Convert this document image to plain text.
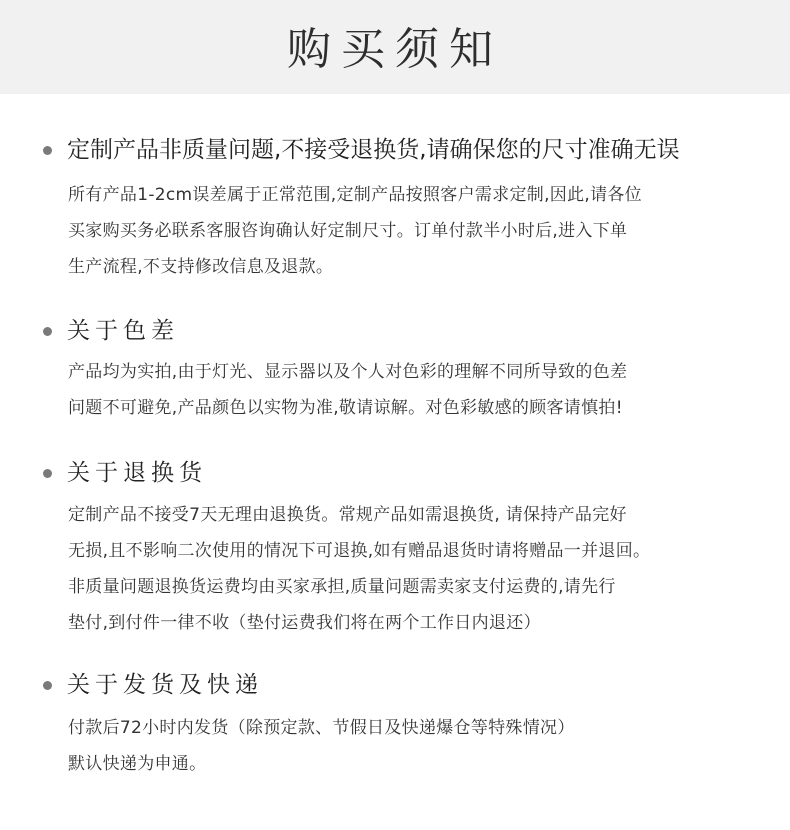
购买须知
定制产品非质量问题,不接受退换货,请确保您的尺寸准确无误

所有产品1-2cm误差属于正常范围,定制产品按照客户需求定制,因此,请各位

买家购买务必联系客服咨询确认好定制尺寸。订单付款半小时后,进入下单

生产流程,不支持修改信息及退款。

关于色差

产品均为实拍,由于灯光、显示器以及个人对色彩的理解不同所导致的色差

问题不可避免,产品颜色以实物为准,敬请谅解。对色彩敏感的顾客请慎拍!

关于退换货

定制产品不接受7天无理由退换货。常规产品如需退换货, 请保持产品完好

无损,且不影响二次使用的情况下可退换,如有赠品退货时请将赠品一并退回。

非质量问题退换货运费均由买家承担,质量问题需卖家支付运费的,请先行

垫付,到付件一律不收（垫付运费我们将在两个工作日内退还）

关于发货及快递

付款后72小时内发货（除预定款、节假日及快递爆仓等特殊情况）

默认快递为申通。
